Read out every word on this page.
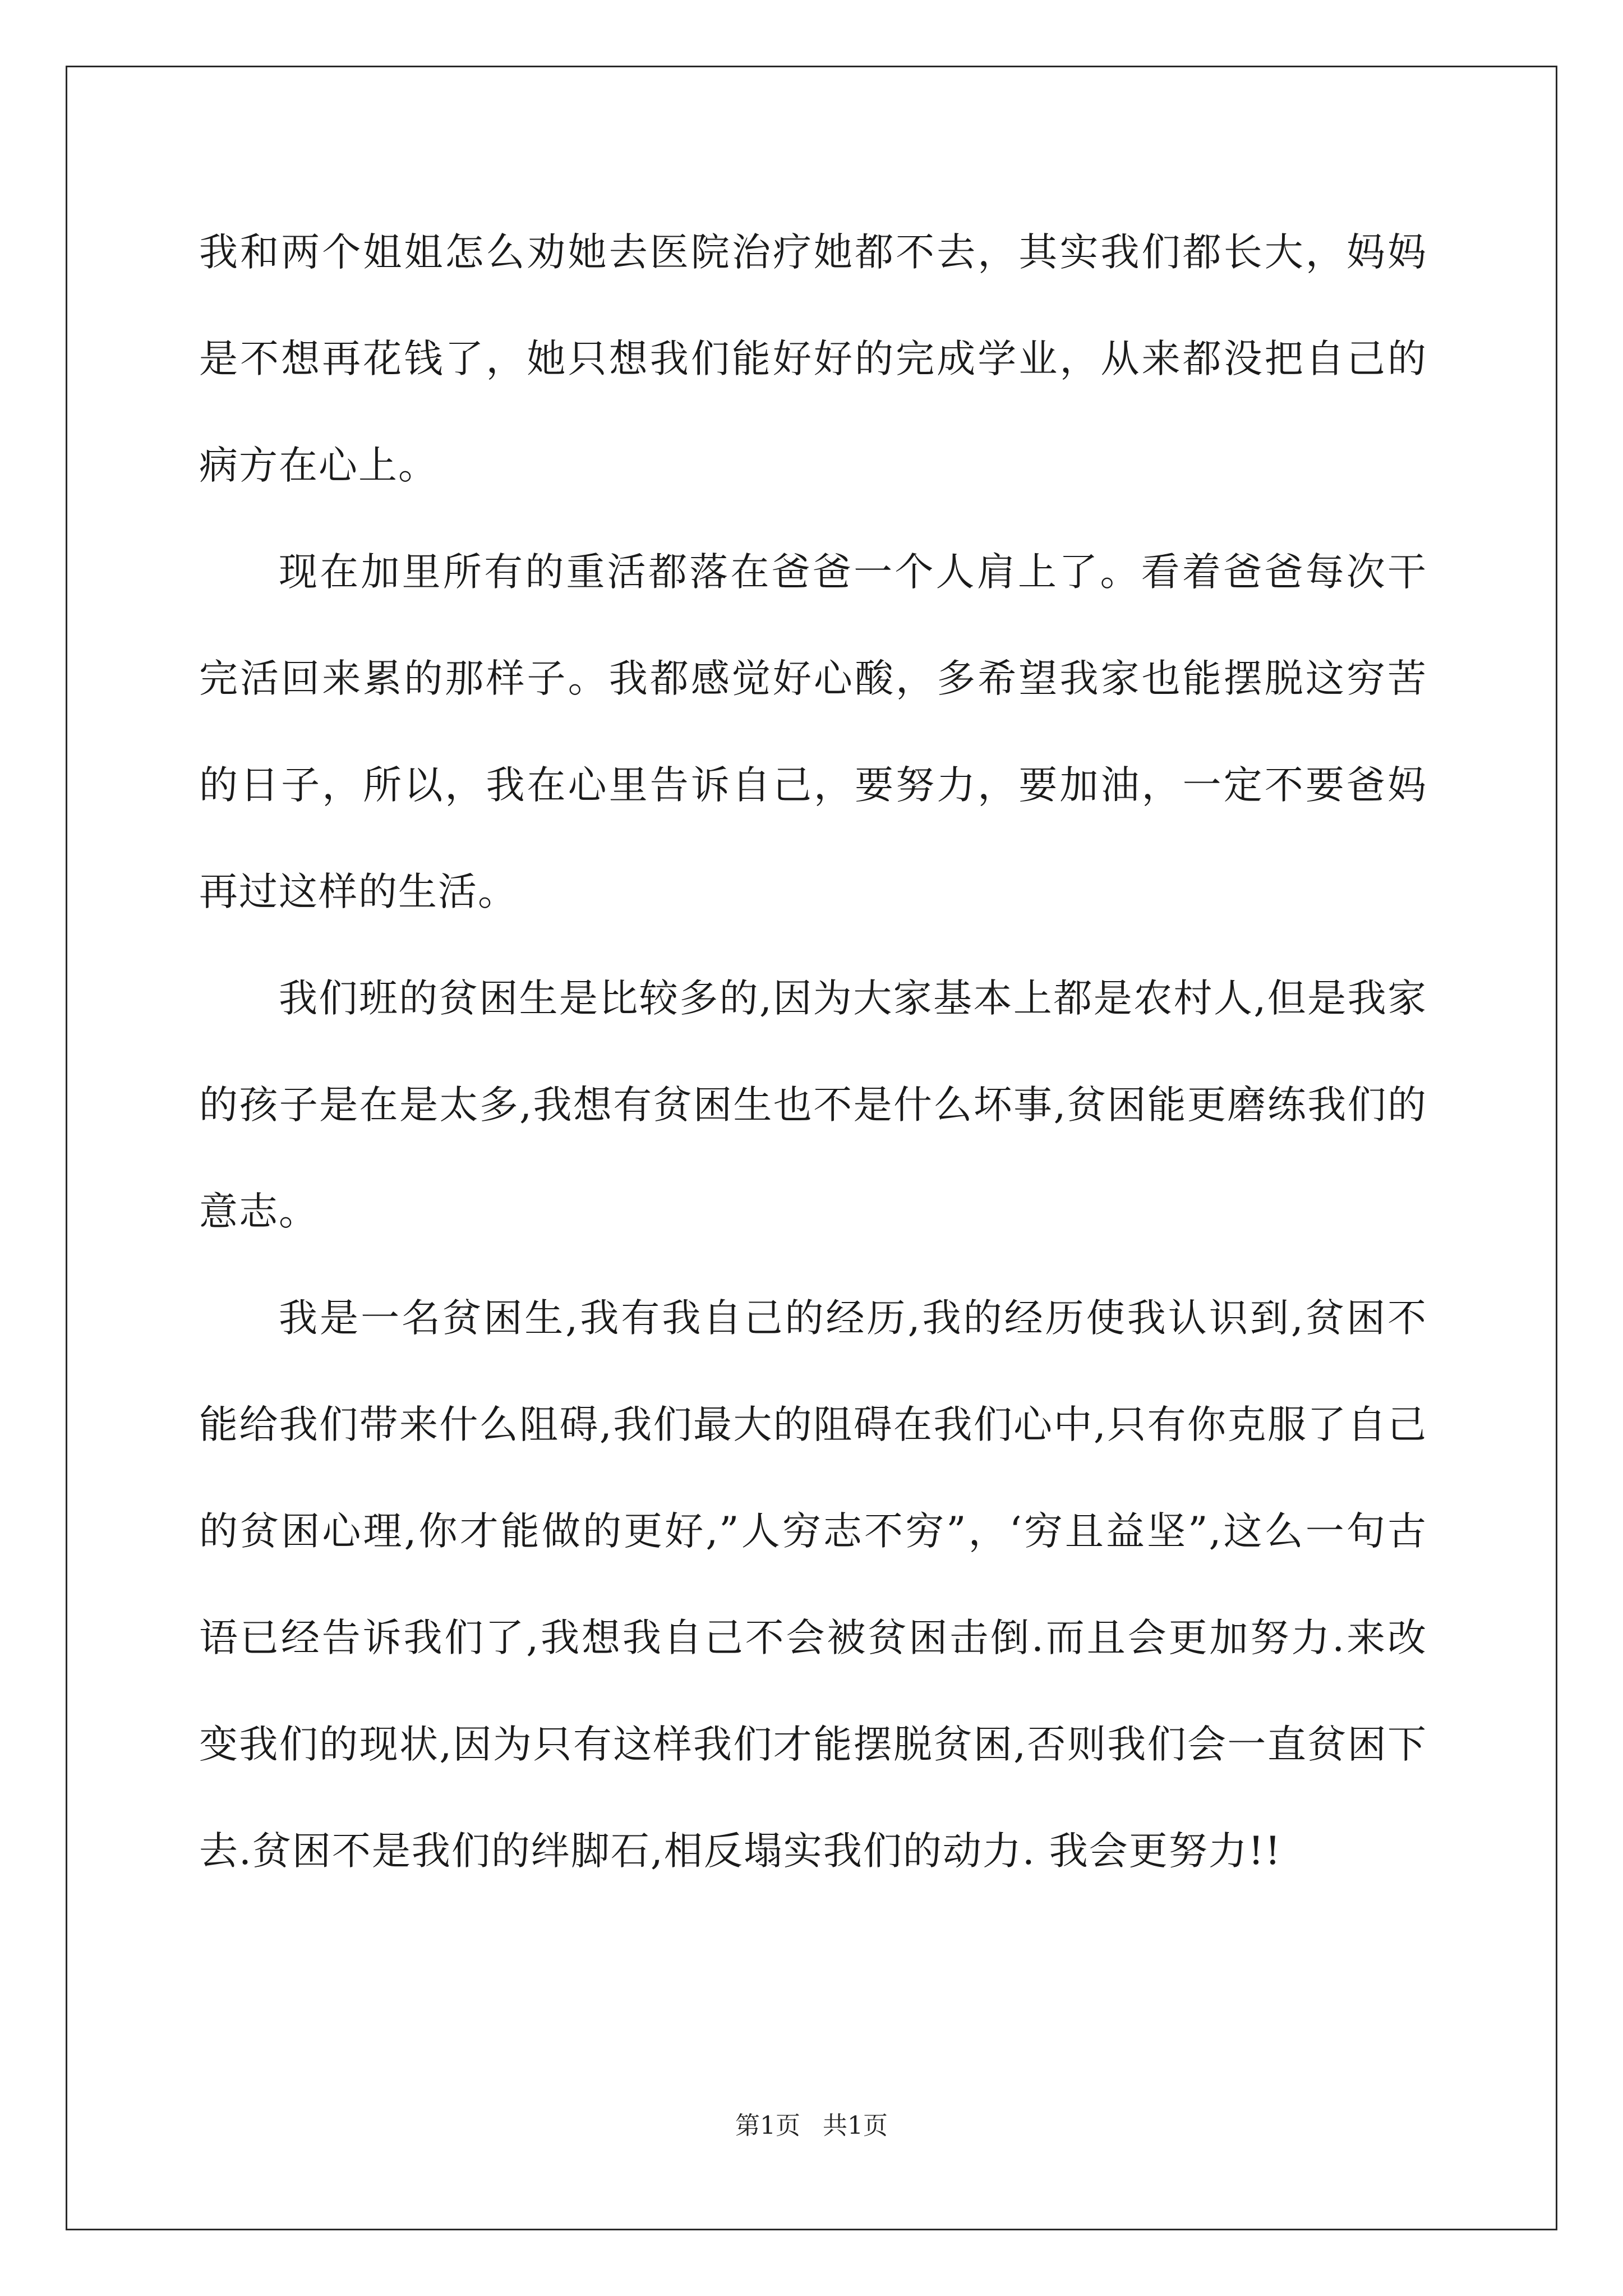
我和两个姐姐怎么劝她去医院治疗她都不去，其实我们都长大，妈妈是不想再花钱了，她只想我们能好好的完成学业，从来都没把自己的病方在心上。

现在加里所有的重活都落在爸爸一个人肩上了。看着爸爸每次干完活回来累的那样子。我都感觉好心酸，多希望我家也能摆脱这穷苦的日子，所以，我在心里告诉自己，要努力，要加油，一定不要爸妈再过这样的生活。

我们班的贫困生是比较多的,因为大家基本上都是农村人,但是我家的孩子是在是太多,我想有贫困生也不是什么坏事,贫困能更磨练我们的意志。

我是一名贫困生,我有我自己的经历,我的经历使我认识到,贫困不能给我们带来什么阻碍,我们最大的阻碍在我们心中,只有你克服了自己的贫困心理,你才能做的更好,”人穷志不穷”，‘穷且益坚”,这么一句古语已经告诉我们了,我想我自己不会被贫困击倒.而且会更加努力.来改变我们的现状,因为只有这样我们才能摆脱贫困,否则我们会一直贫困下去.贫困不是我们的绊脚石,相反塌实我们的动力. 我会更努力!!

第1页 共1页
